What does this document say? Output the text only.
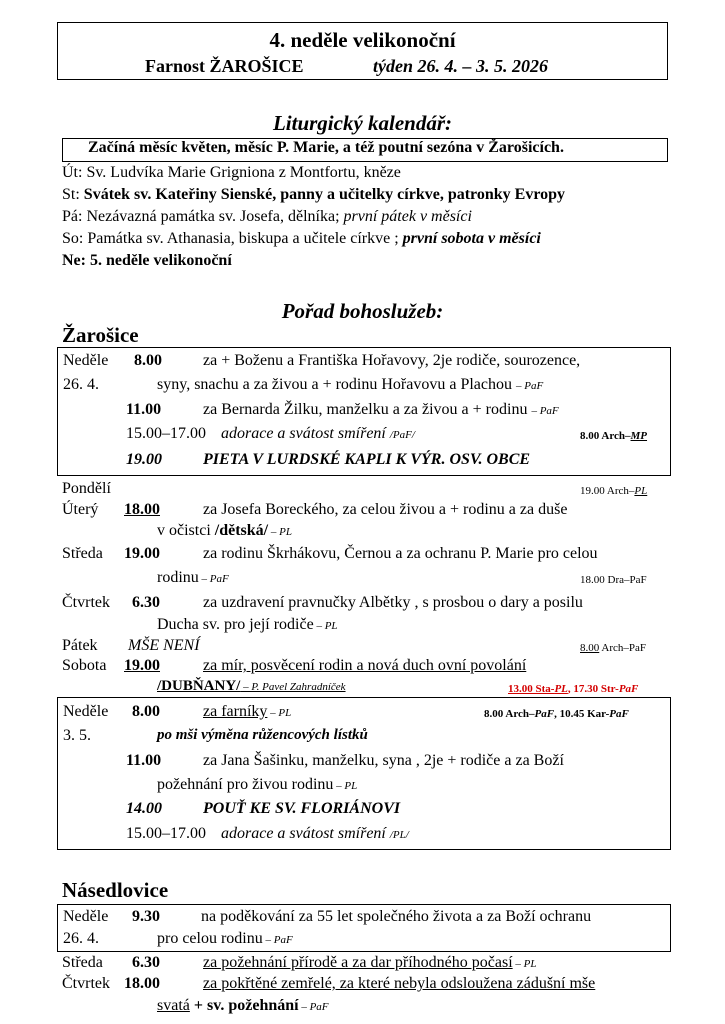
4. neděle velikonoční
Farnost ŽAROŠICE	týden 26. 4. – 3. 5. 2026
Liturgický kalendář:
Začíná měsíc květen, měsíc P. Marie, a též poutní sezóna v Žarošicích.
Út: Sv. Ludvíka Marie Grigniona z Montfortu, kněze
St: Svátek sv. Kateřiny Sienské, panny a učitelky církve, patronky Evropy
Pá: Nezávazná památka sv. Josefa, dělníka; první pátek v měsíci
So: Památka sv. Athanasia, biskupa a učitele církve ; první sobota v měsíci
Ne: 5. neděle velikonoční
Pořad bohoslužeb:
Žarošice
Neděle 8.00	za + Boženu a Františka Hořavovy, 2je rodiče, sourozence,
26. 4.	syny, snachu a za živou a + rodinu Hořavovu a Plachou – PaF
11.00	za Bernarda Žilku, manželku a za živou a + rodinu – PaF
15.00–17.00 adorace a svátost smíření /PaF/	8.00 Arch–MP
19.00	PIETA V LURDSKÉ KAPLI K VÝR. OSV. OBCE
Pondělí	19.00 Arch–PL
Úterý 18.00	za Josefa Boreckého, za celou živou a + rodinu a za duše
v očistci /dětská/ – PL
Středa 19.00	za rodinu Škrhákovu, Černou a za ochranu P. Marie pro celou
rodinu – PaF	18.00 Dra–PaF
Čtvrtek 6.30	za uzdravení pravnučky Albětky , s prosbou o dary a posilu
Ducha sv. pro její rodiče – PL
Pátek MŠE NENÍ	8.00 Arch–PaF
Sobota 19.00	za mír, posvěcení rodin a nová duch ovní povolání
/DUBŇANY/ – P. Pavel Zahradníček	13.00 Sta-PL, 17.30 Str-PaF
Neděle 8.00	za farníky – PL	8.00 Arch–PaF, 10.45 Kar-PaF
3. 5.	po mši výměna růžencových lístků
11.00	za Jana Šašinku, manželku, syna , 2je + rodiče a za Boží
požehnání pro živou rodinu – PL
14.00	POUŤ KE SV. FLORIÁNOVI
15.00–17.00 adorace a svátost smíření /PL/
Násedlovice
Neděle 9.30	na poděkování za 55 let společného života a za Boží ochranu
26. 4.	pro celou rodinu – PaF
Středa 6.30	za požehnání přírodě a za dar příhodného počasí – PL
Čtvrtek 18.00	za pokřtěné zemřelé, za které nebyla odsloužena zádušní mše
svatá + sv. požehnání – PaF
